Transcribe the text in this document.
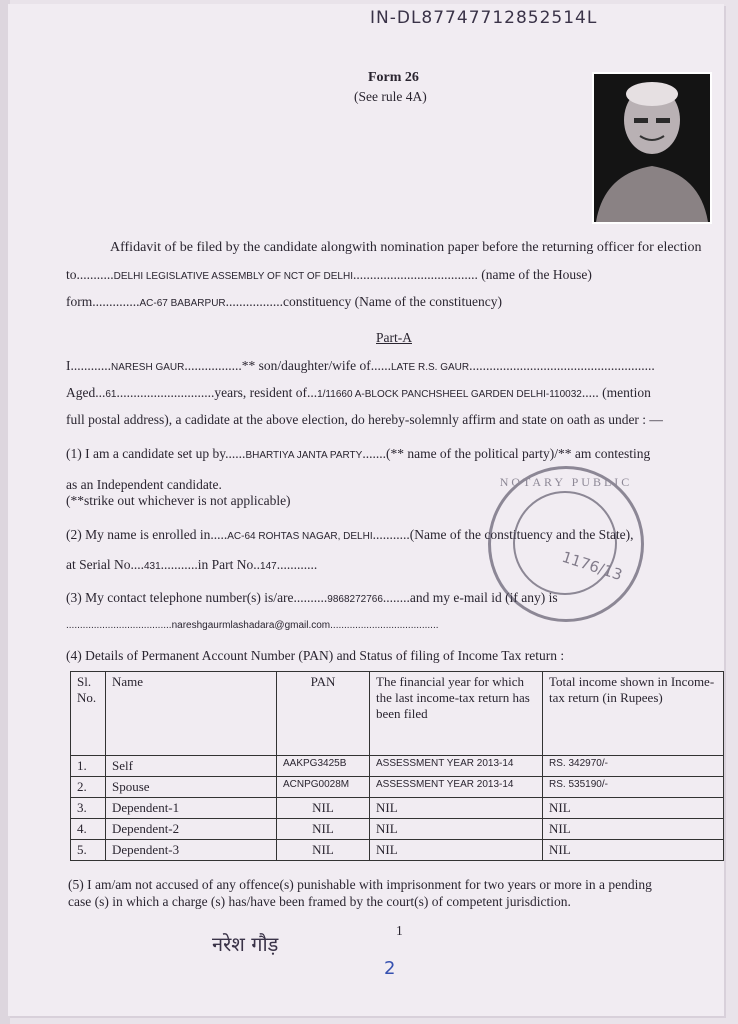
IN-DL87747712852514L
Form 26
(See rule 4A)
Affidavit of be filed by the candidate alongwith nomination paper before the returning officer for election
to...........DELHI LEGISLATIVE ASSEMBLY OF NCT OF DELHI..................................... (name of the House)
form..............AC-67 BABARPUR.................constituency (Name of the constituency)
Part-A
I............NARESH GAUR.................** son/daughter/wife of......LATE R.S. GAUR.......................................................
Aged...61.............................years, resident of...1/11660 A-BLOCK PANCHSHEEL GARDEN DELHI-110032..... (mention
full postal address), a cadidate at the above election, do hereby-solemnly affirm and state on oath as under : —
(1) I am a candidate set up by......BHARTIYA JANTA PARTY.......(** name of the political party)/** am contesting
as an Independent candidate.
(**strike out whichever is not applicable)
(2) My name is enrolled in.....AC-64 ROHTAS NAGAR, DELHI...........(Name of the constituency and the State),
at Serial No....431...........in Part No..147............
(3) My contact telephone number(s) is/are..........9868272766........and my e-mail id (if any) is
......................................nareshgaurmlashadara@gmail.com.......................................
NOTARY PUBLIC
1176/13
(4) Details of Permanent Account Number (PAN) and Status of filing of Income Tax return :
Sl. No.	Name	PAN	The financial year for which the last income-tax return has been filed	Total income shown in Income-tax return (in Rupees)
1.	Self	AAKPG3425B	ASSESSMENT YEAR 2013-14	RS. 342970/-
2.	Spouse	ACNPG0028M	ASSESSMENT YEAR 2013-14	RS. 535190/-
3.	Dependent-1	NIL	NIL	NIL
4.	Dependent-2	NIL	NIL	NIL
5.	Dependent-3	NIL	NIL	NIL
(5) I am/am not accused of any offence(s) punishable with imprisonment for two years or more in a pending
case (s) in which a charge (s) has/have been framed by the court(s) of competent jurisdiction.
1
नरेश गौड़
2
